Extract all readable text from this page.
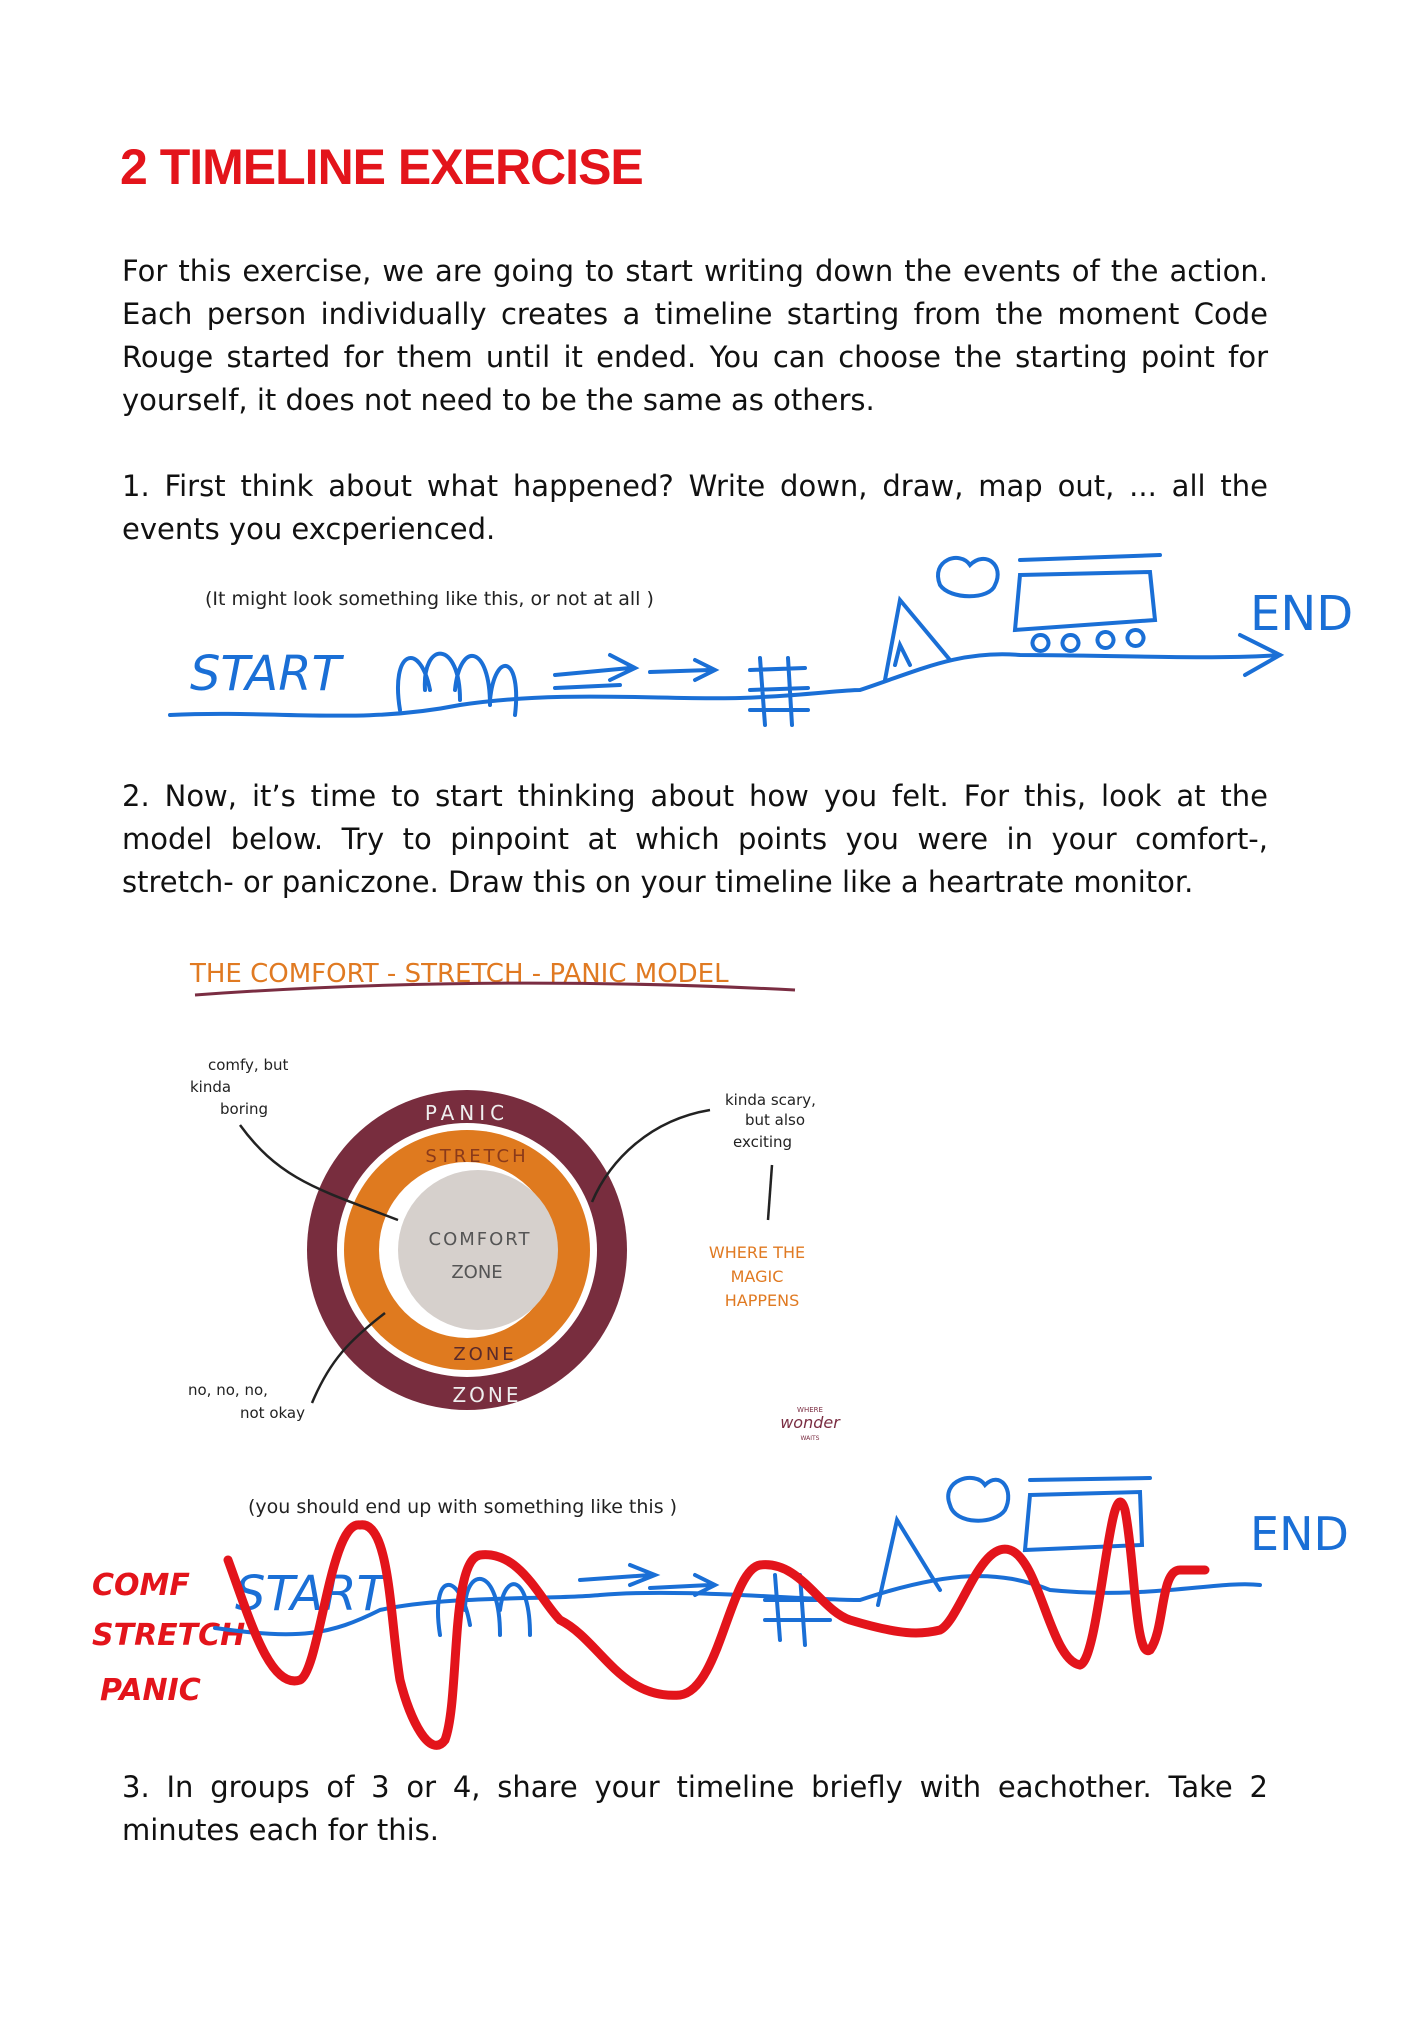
2 TIMELINE EXERCISE
For this exercise, we are going to start writing down the events of the action. Each person individually creates a timeline starting from the moment Code Rouge started for them until it ended. You can choose the starting point for yourself, it does not need to be the same as others.
1. First think about what happened? Write down, draw, map out, ... all the events you excperienced.
(It might look something like this, or not at all )
START
END
2. Now, it’s time to start thinking about how you felt. For this, look at the model below. Try to pinpoint at which points you were in your comfort-, stretch- or paniczone. Draw this on your timeline like a heartrate monitor.
THE COMFORT - STRETCH - PANIC MODEL
PANIC
ZONE
STRETCH
ZONE
COMFORT
ZONE
comfy, but
kinda
boring	kinda scary,
but also
exciting
no, no, no,
not okay
WHERE THE
MAGIC
HAPPENS
WHERE
wonder
WAITS
(you should end up with something like this )
COMF
STRETCH
PANIC
START
END
3. In groups of 3 or 4, share your timeline briefly with eachother. Take 2 minutes each for this.
